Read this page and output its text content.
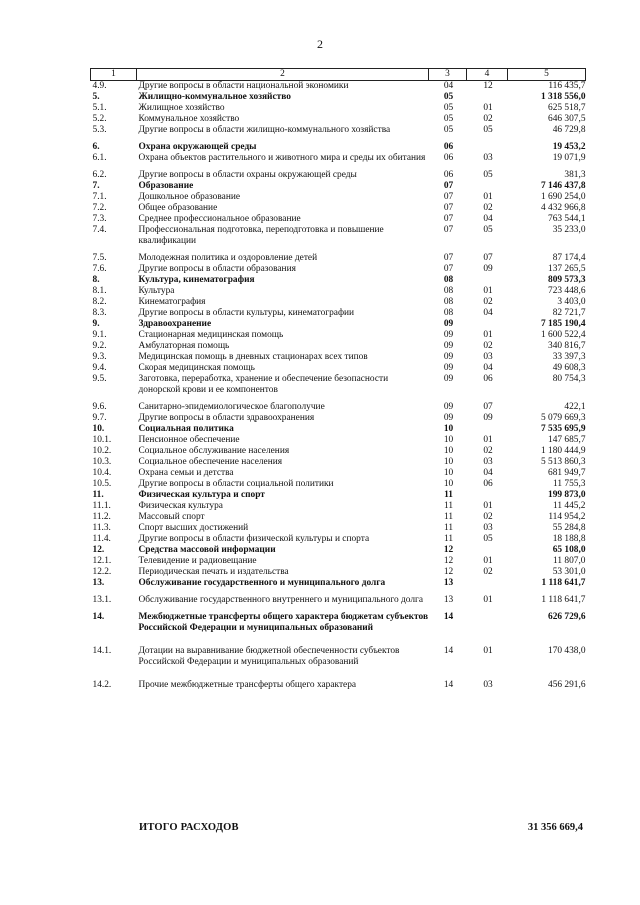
2
1	2	3	4	5
4.9.	Другие вопросы в области национальной экономики	04	12	116 435,7
5.	Жилищно-коммунальное хозяйство	05		1 318 556,0
5.1.	Жилищное хозяйство	05	01	625 518,7
5.2.	Коммунальное хозяйство	05	02	646 307,5
5.3.	Другие вопросы в области жилищно-коммунального хозяйства	05	05	46 729,8
6.	Охрана окружающей среды	06		19 453,2
6.1.	Охрана объектов растительного и животного мира и среды их обитания	06	03	19 071,9
6.2.	Другие вопросы в области охраны окружающей среды	06	05	381,3
7.	Образование	07		7 146 437,8
7.1.	Дошкольное образование	07	01	1 690 254,0
7.2.	Общее образование	07	02	4 432 966,8
7.3.	Среднее профессиональное образование	07	04	763 544,1
7.4.	Профессиональная подготовка, переподготовка и повышение квалификации	07	05	35 233,0
7.5.	Молодежная политика и оздоровление детей	07	07	87 174,4
7.6.	Другие вопросы в области образования	07	09	137 265,5
8.	Культура, кинематография	08		809 573,3
8.1.	Культура	08	01	723 448,6
8.2.	Кинематография	08	02	3 403,0
8.3.	Другие вопросы в области культуры, кинематографии	08	04	82 721,7
9.	Здравоохранение	09		7 185 190,4
9.1.	Стационарная медицинская помощь	09	01	1 600 522,4
9.2.	Амбулаторная помощь	09	02	340 816,7
9.3.	Медицинская помощь в дневных стационарах всех типов	09	03	33 397,3
9.4.	Скорая медицинская помощь	09	04	49 608,3
9.5.	Заготовка, переработка, хранение и обеспечение безопасности донорской крови и ее компонентов	09	06	80 754,3
9.6.	Санитарно-эпидемиологическое благополучие	09	07	422,1
9.7.	Другие вопросы в области здравоохранения	09	09	5 079 669,3
10.	Социальная политика	10		7 535 695,9
10.1.	Пенсионное обеспечение	10	01	147 685,7
10.2.	Социальное обслуживание населения	10	02	1 180 444,9
10.3.	Социальное обеспечение населения	10	03	5 513 860,3
10.4.	Охрана семьи и детства	10	04	681 949,7
10.5.	Другие вопросы в области социальной политики	10	06	11 755,3
11.	Физическая культура и спорт	11		199 873,0
11.1.	Физическая культура	11	01	11 445,2
11.2.	Массовый спорт	11	02	114 954,2
11.3.	Спорт высших достижений	11	03	55 284,8
11.4.	Другие вопросы в области физической культуры и спорта	11	05	18 188,8
12.	Средства массовой информации	12		65 108,0
12.1.	Телевидение и радиовещание	12	01	11 807,0
12.2.	Периодическая печать и издательства	12	02	53 301,0
13.	Обслуживание государственного и муниципального долга	13		1 118 641,7
13.1.	Обслуживание государственного внутреннего и муниципального долга	13	01	1 118 641,7
14.	Межбюджетные трансферты общего характера бюджетам субъектов Российской Федерации и муниципальных образований	14		626 729,6
14.1.	Дотации на выравнивание бюджетной обеспеченности субъектов Российской Федерации и муниципальных образований	14	01	170 438,0
14.2.	Прочие межбюджетные трансферты общего характера	14	03	456 291,6
ИТОГО РАСХОДОВ	31 356 669,4
